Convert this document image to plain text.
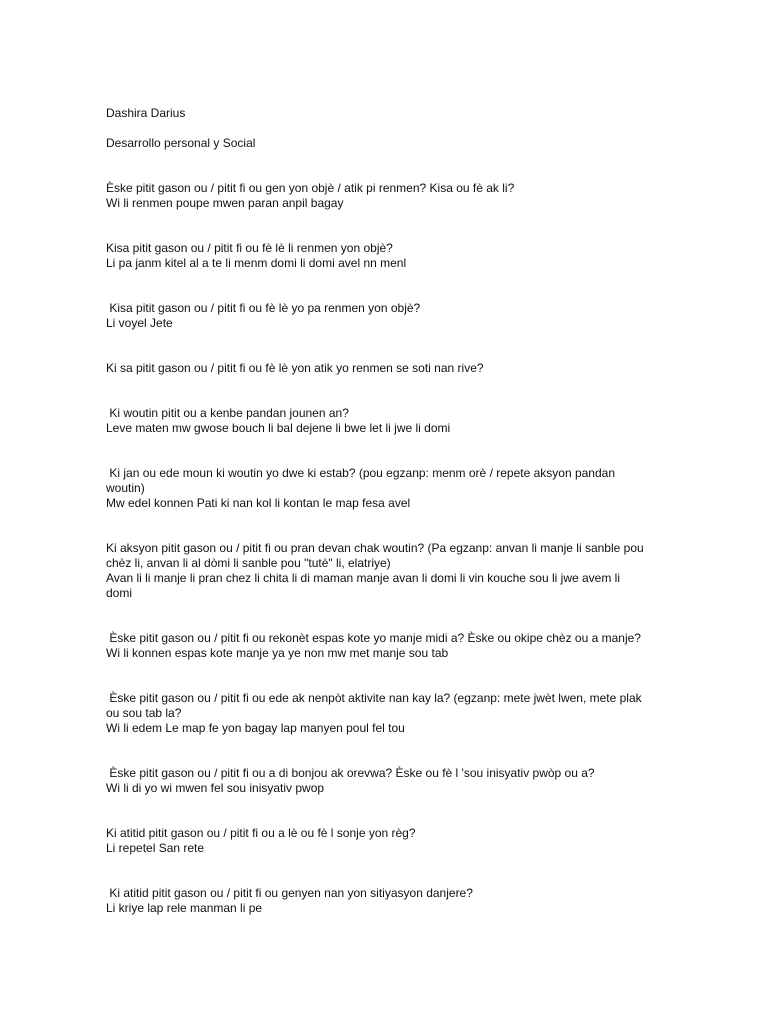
Dashira Darius
Desarrollo personal y Social
Èske pitit gason ou / pitit fi ou gen yon objè / atik pi renmen? Kisa ou fè ak li?
Wi li renmen poupe mwen paran anpil bagay
Kisa pitit gason ou / pitit fi ou fè lè li renmen yon objè?
Li pa janm kitel al a te li menm domi li domi avel nn menl
Kisa pitit gason ou / pitit fi ou fè lè yo pa renmen yon objè?
Li voyel Jete
Ki sa pitit gason ou / pitit fi ou fè lè yon atik yo renmen se soti nan rive?
Ki woutin pitit ou a kenbe pandan jounen an?
Leve maten mw gwose bouch li bal dejene li bwe let li jwe li domi
Ki jan ou ede moun ki woutin yo dwe ki estab? (pou egzanp: menm orè / repete aksyon pandan woutin)
Mw edel konnen Pati ki nan kol li kontan le map fesa avel
Ki aksyon pitit gason ou / pitit fi ou pran devan chak woutin? (Pa egzanp: anvan li manje li sanble pou chèz li, anvan li al dòmi li sanble pou "tutè" li, elatriye)
Avan li li manje li pran chez li chita li di maman manje avan li domi li vin kouche sou li jwe avem li domi
Èske pitit gason ou / pitit fi ou rekonèt espas kote yo manje midi a? Èske ou okipe chèz ou a manje?
Wi li konnen espas kote manje ya ye non mw met manje sou tab
Èske pitit gason ou / pitit fi ou ede ak nenpòt aktivite nan kay la? (egzanp: mete jwèt lwen, mete plak ou sou tab la?
Wi li edem Le map fe yon bagay lap manyen poul fel tou
Èske pitit gason ou / pitit fi ou a di bonjou ak orevwa? Èske ou fè l 'sou inisyativ pwòp ou a?
Wi li di yo wi mwen fel sou inisyativ pwop
Ki atitid pitit gason ou / pitit fi ou a lè ou fè l sonje yon règ?
Li repetel San rete
Ki atitid pitit gason ou / pitit fi ou genyen nan yon sitiyasyon danjere?
Li kriye lap rele manman li pe
